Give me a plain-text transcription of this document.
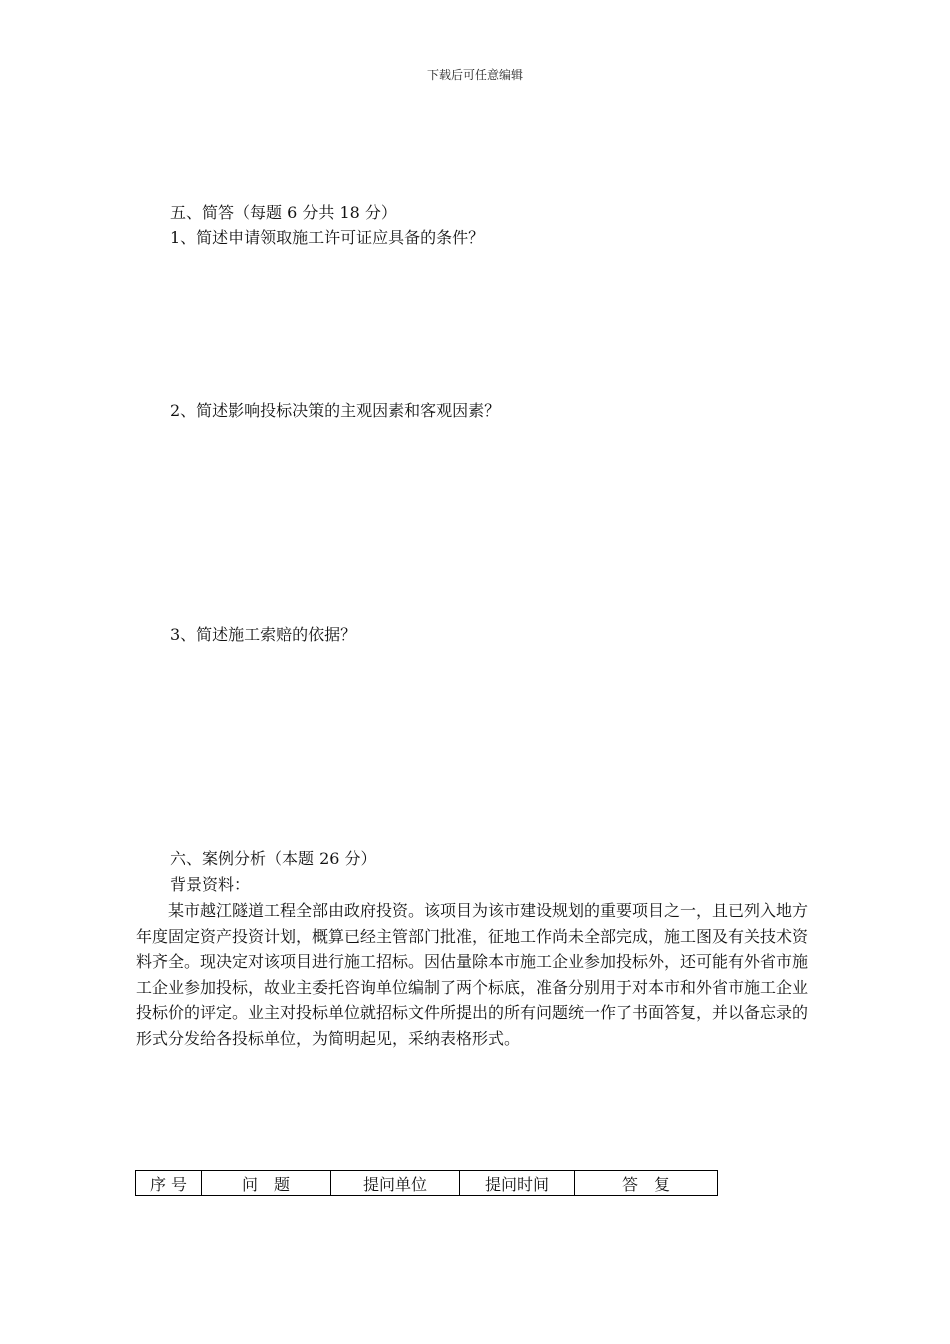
下载后可任意编辑
五、简答（每题 6 分共 18 分）
1、简述申请领取施工许可证应具备的条件？
2、简述影响投标决策的主观因素和客观因素？
3、简述施工索赔的依据？
六、案例分析（本题 26 分）
背景资料：
某市越江隧道工程全部由政府投资。该项目为该市建设规划的重要项目之一，且已列入地方年度固定资产投资计划，概算已经主管部门批准，征地工作尚未全部完成，施工图及有关技术资料齐全。现决定对该项目进行施工招标。因估量除本市施工企业参加投标外，还可能有外省市施工企业参加投标，故业主委托咨询单位编制了两个标底，准备分别用于对本市和外省市施工企业投标价的评定。业主对投标单位就招标文件所提出的所有问题统一作了书面答复，并以备忘录的形式分发给各投标单位，为简明起见，采纳表格形式。
序 号	问　题	提问单位	提问时间	答　复
